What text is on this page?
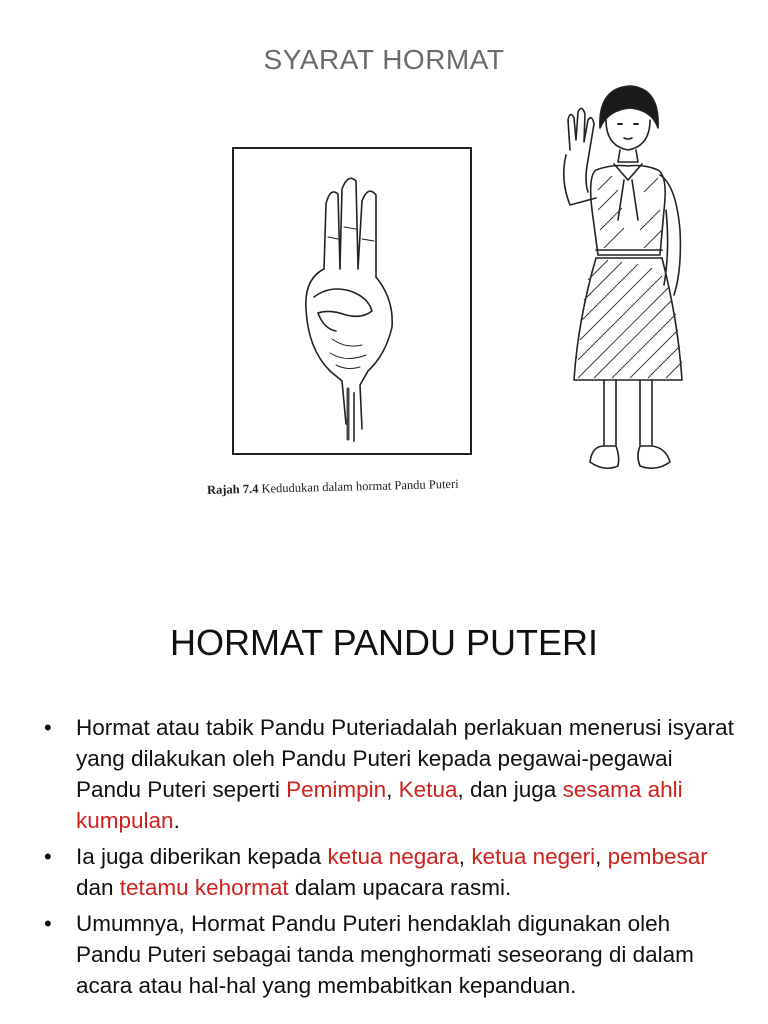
SYARAT HORMAT
Rajah 7.4 Kedudukan dalam hormat Pandu Puteri
HORMAT PANDU PUTERI
• Hormat atau tabik Pandu Puteriadalah perlakuan menerusi isyarat yang dilakukan oleh Pandu Puteri kepada pegawai-pegawai Pandu Puteri seperti Pemimpin, Ketua, dan juga sesama ahli kumpulan.
• Ia juga diberikan kepada ketua negara, ketua negeri, pembesar dan tetamu kehormat dalam upacara rasmi.
• Umumnya, Hormat Pandu Puteri hendaklah digunakan oleh Pandu Puteri sebagai tanda menghormati seseorang di dalam acara atau hal-hal yang membabitkan kepanduan.
